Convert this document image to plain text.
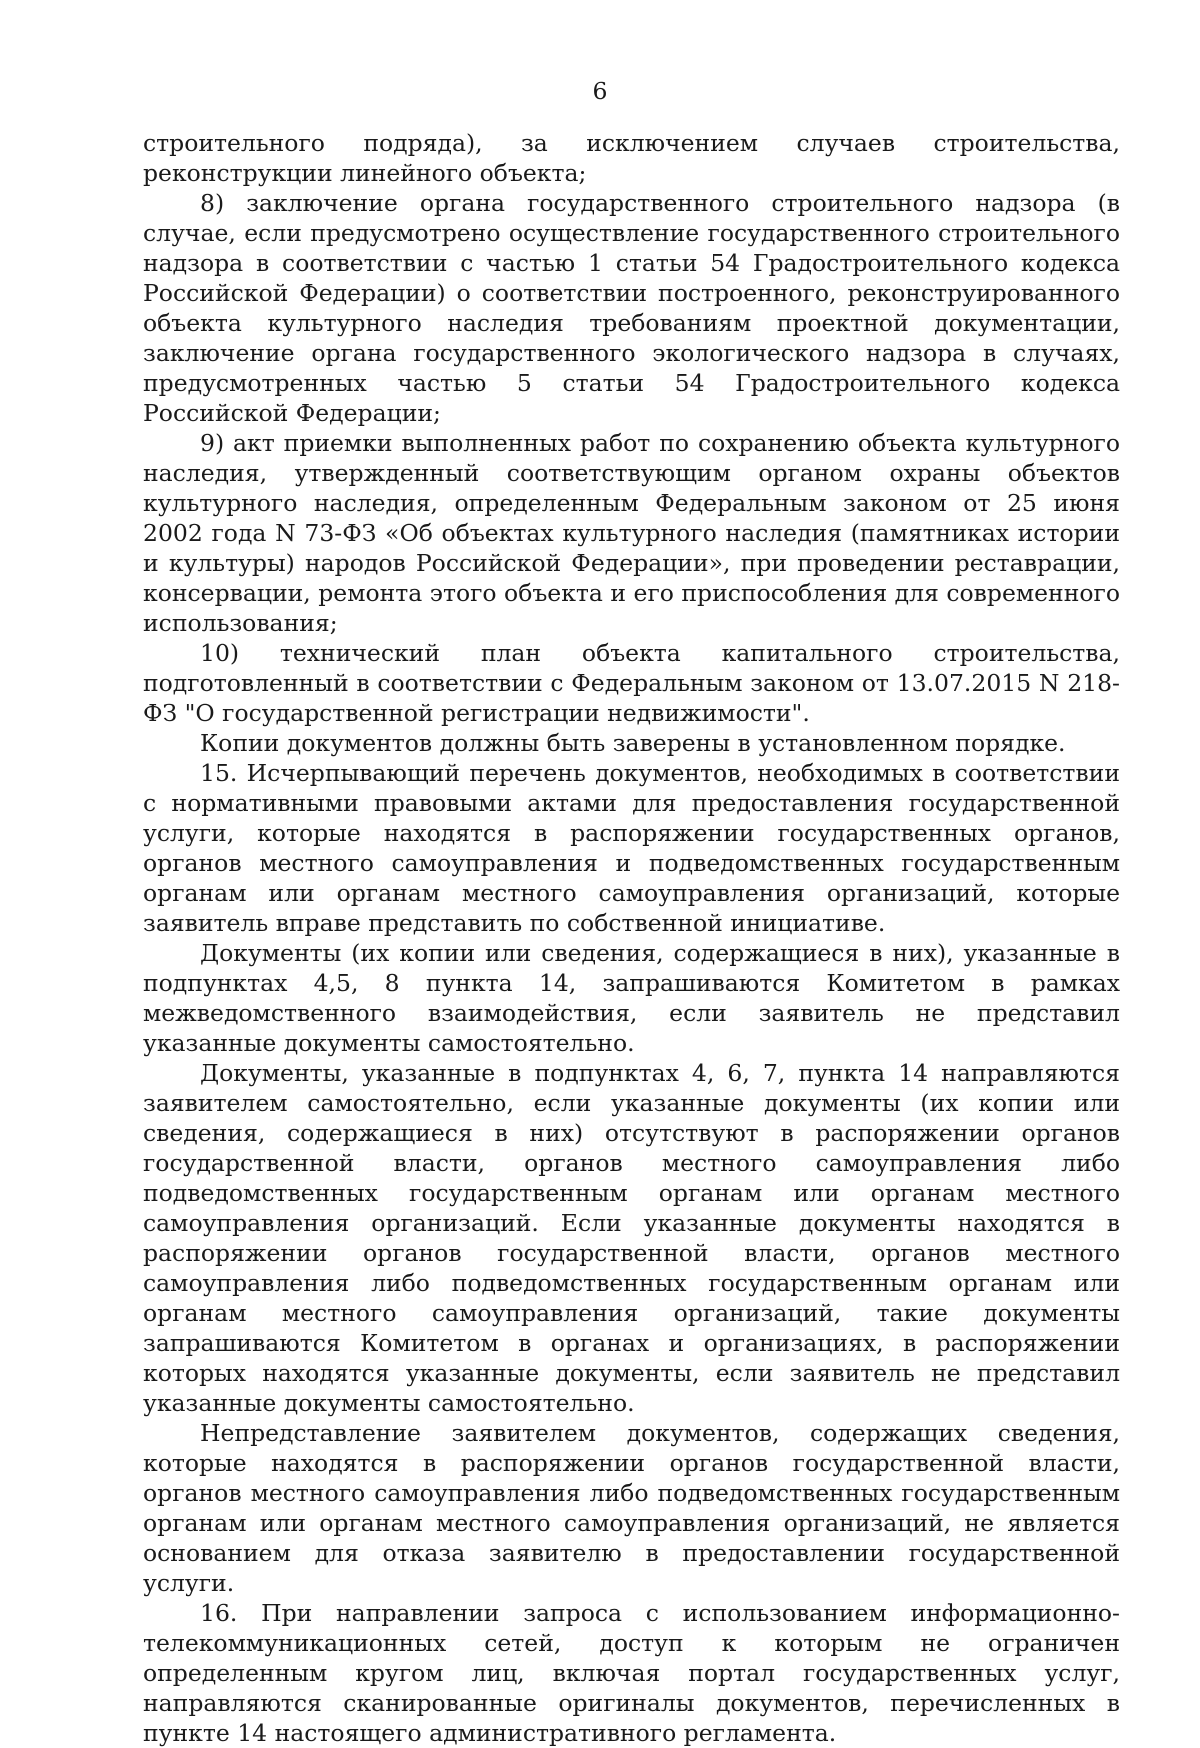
6

строительного подряда), за исключением случаев строительства, реконструкции линейного объекта;

8) заключение органа государственного строительного надзора (в случае, если предусмотрено осуществление государственного строительного надзора в соответствии с частью 1 статьи 54 Градостроительного кодекса Российской Федерации) о соответствии построенного, реконструированного объекта культурного наследия требованиям проектной документации, заключение органа государственного экологического надзора в случаях, предусмотренных частью 5 статьи 54 Градостроительного кодекса Российской Федерации;

9) акт приемки выполненных работ по сохранению объекта культурного наследия, утвержденный соответствующим органом охраны объектов культурного наследия, определенным Федеральным законом от 25 июня 2002 года N 73-ФЗ «Об объектах культурного наследия (памятниках истории и культуры) народов Российской Федерации», при проведении реставрации, консервации, ремонта этого объекта и его приспособления для современного использования;

10) технический план объекта капитального строительства, подготовленный в соответствии с Федеральным законом от 13.07.2015 N 218-ФЗ "О государственной регистрации недвижимости".

Копии документов должны быть заверены в установленном порядке.

15. Исчерпывающий перечень документов, необходимых в соответствии с нормативными правовыми актами для предоставления государственной услуги, которые находятся в распоряжении государственных органов, органов местного самоуправления и подведомственных государственным органам или органам местного самоуправления организаций, которые заявитель вправе представить по собственной инициативе.

Документы (их копии или сведения, содержащиеся в них), указанные в подпунктах 4,5, 8 пункта 14, запрашиваются Комитетом в рамках межведомственного взаимодействия, если заявитель не представил указанные документы самостоятельно.

Документы, указанные в подпунктах 4, 6, 7, пункта 14 направляются заявителем самостоятельно, если указанные документы (их копии или сведения, содержащиеся в них) отсутствуют в распоряжении органов государственной власти, органов местного самоуправления либо подведомственных государственным органам или органам местного самоуправления организаций. Если указанные документы находятся в распоряжении органов государственной власти, органов местного самоуправления либо подведомственных государственным органам или органам местного самоуправления организаций, такие документы запрашиваются Комитетом в органах и организациях, в распоряжении которых находятся указанные документы, если заявитель не представил указанные документы самостоятельно.

Непредставление заявителем документов, содержащих сведения, которые находятся в распоряжении органов государственной власти, органов местного самоуправления либо подведомственных государственным органам или органам местного самоуправления организаций, не является основанием для отказа заявителю в предоставлении государственной услуги.

16. При направлении запроса с использованием информационно-телекоммуникационных сетей, доступ к которым не ограничен определенным кругом лиц, включая портал государственных услуг, направляются сканированные оригиналы документов, перечисленных в пункте 14 настоящего административного регламента.
